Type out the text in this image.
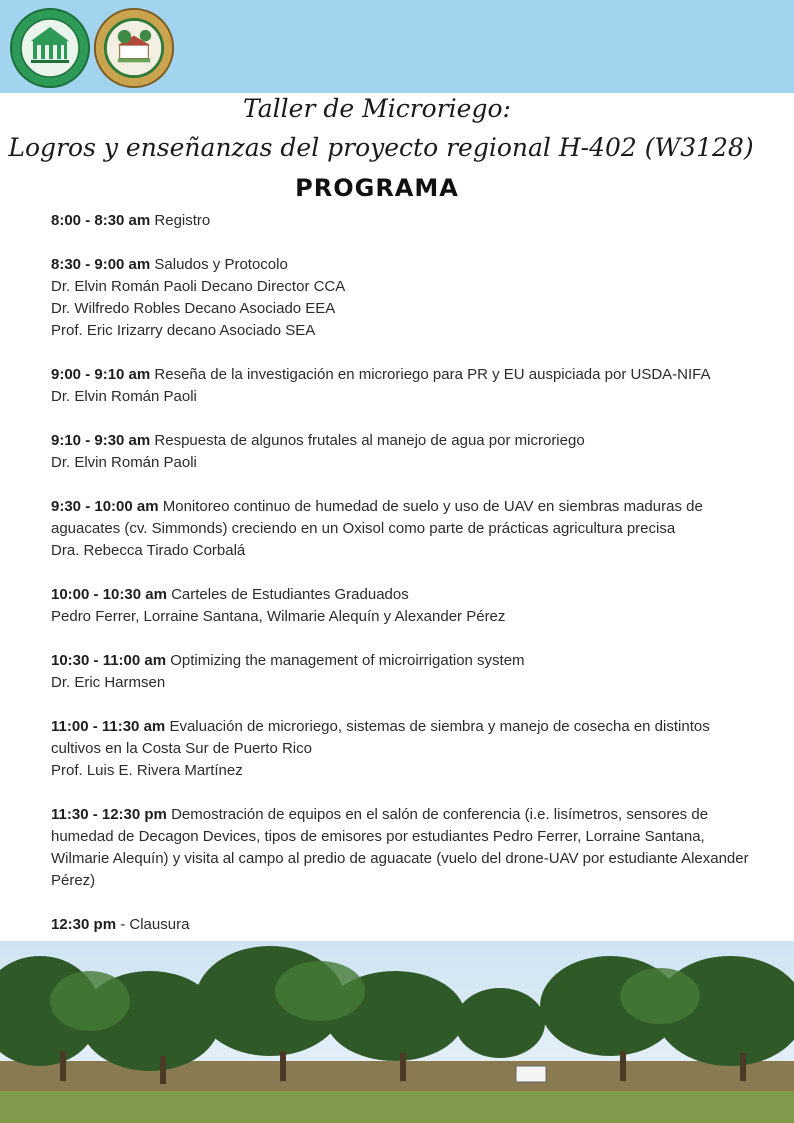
Taller de Microriego:
Logros y enseñanzas del proyecto regional H-402 (W3128)
PROGRAMA
8:00 - 8:30 am Registro
8:30 - 9:00 am Saludos y Protocolo
Dr. Elvin Román Paoli Decano Director CCA
Dr. Wilfredo Robles Decano Asociado EEA
Prof. Eric Irizarry decano Asociado SEA
9:00 - 9:10 am Reseña de la investigación en microriego para PR y EU auspiciada por USDA-NIFA
Dr. Elvin Román Paoli
9:10 - 9:30 am Respuesta de algunos frutales al manejo de agua por microriego
Dr. Elvin Román Paoli
9:30 - 10:00 am Monitoreo continuo de humedad de suelo y uso de UAV en siembras maduras de aguacates (cv. Simmonds) creciendo en un Oxisol como parte de prácticas agricultura precisa
Dra. Rebecca Tirado Corbalá
10:00 - 10:30 am Carteles de Estudiantes Graduados
Pedro Ferrer, Lorraine Santana, Wilmarie Alequín y Alexander Pérez
10:30 - 11:00 am Optimizing the management of microirrigation system
Dr. Eric Harmsen
11:00 - 11:30 am Evaluación de microriego, sistemas de siembra y manejo de cosecha en distintos cultivos en la Costa Sur de Puerto Rico
Prof. Luis E. Rivera Martínez
11:30 - 12:30 pm Demostración de equipos en el salón de conferencia (i.e. lisímetros, sensores de humedad de Decagon Devices, tipos de emisores por estudiantes Pedro Ferrer, Lorraine Santana, Wilmarie Alequín) y visita al campo al predio de aguacate (vuelo del drone-UAV por estudiante Alexander Pérez)
12:30 pm - Clausura
